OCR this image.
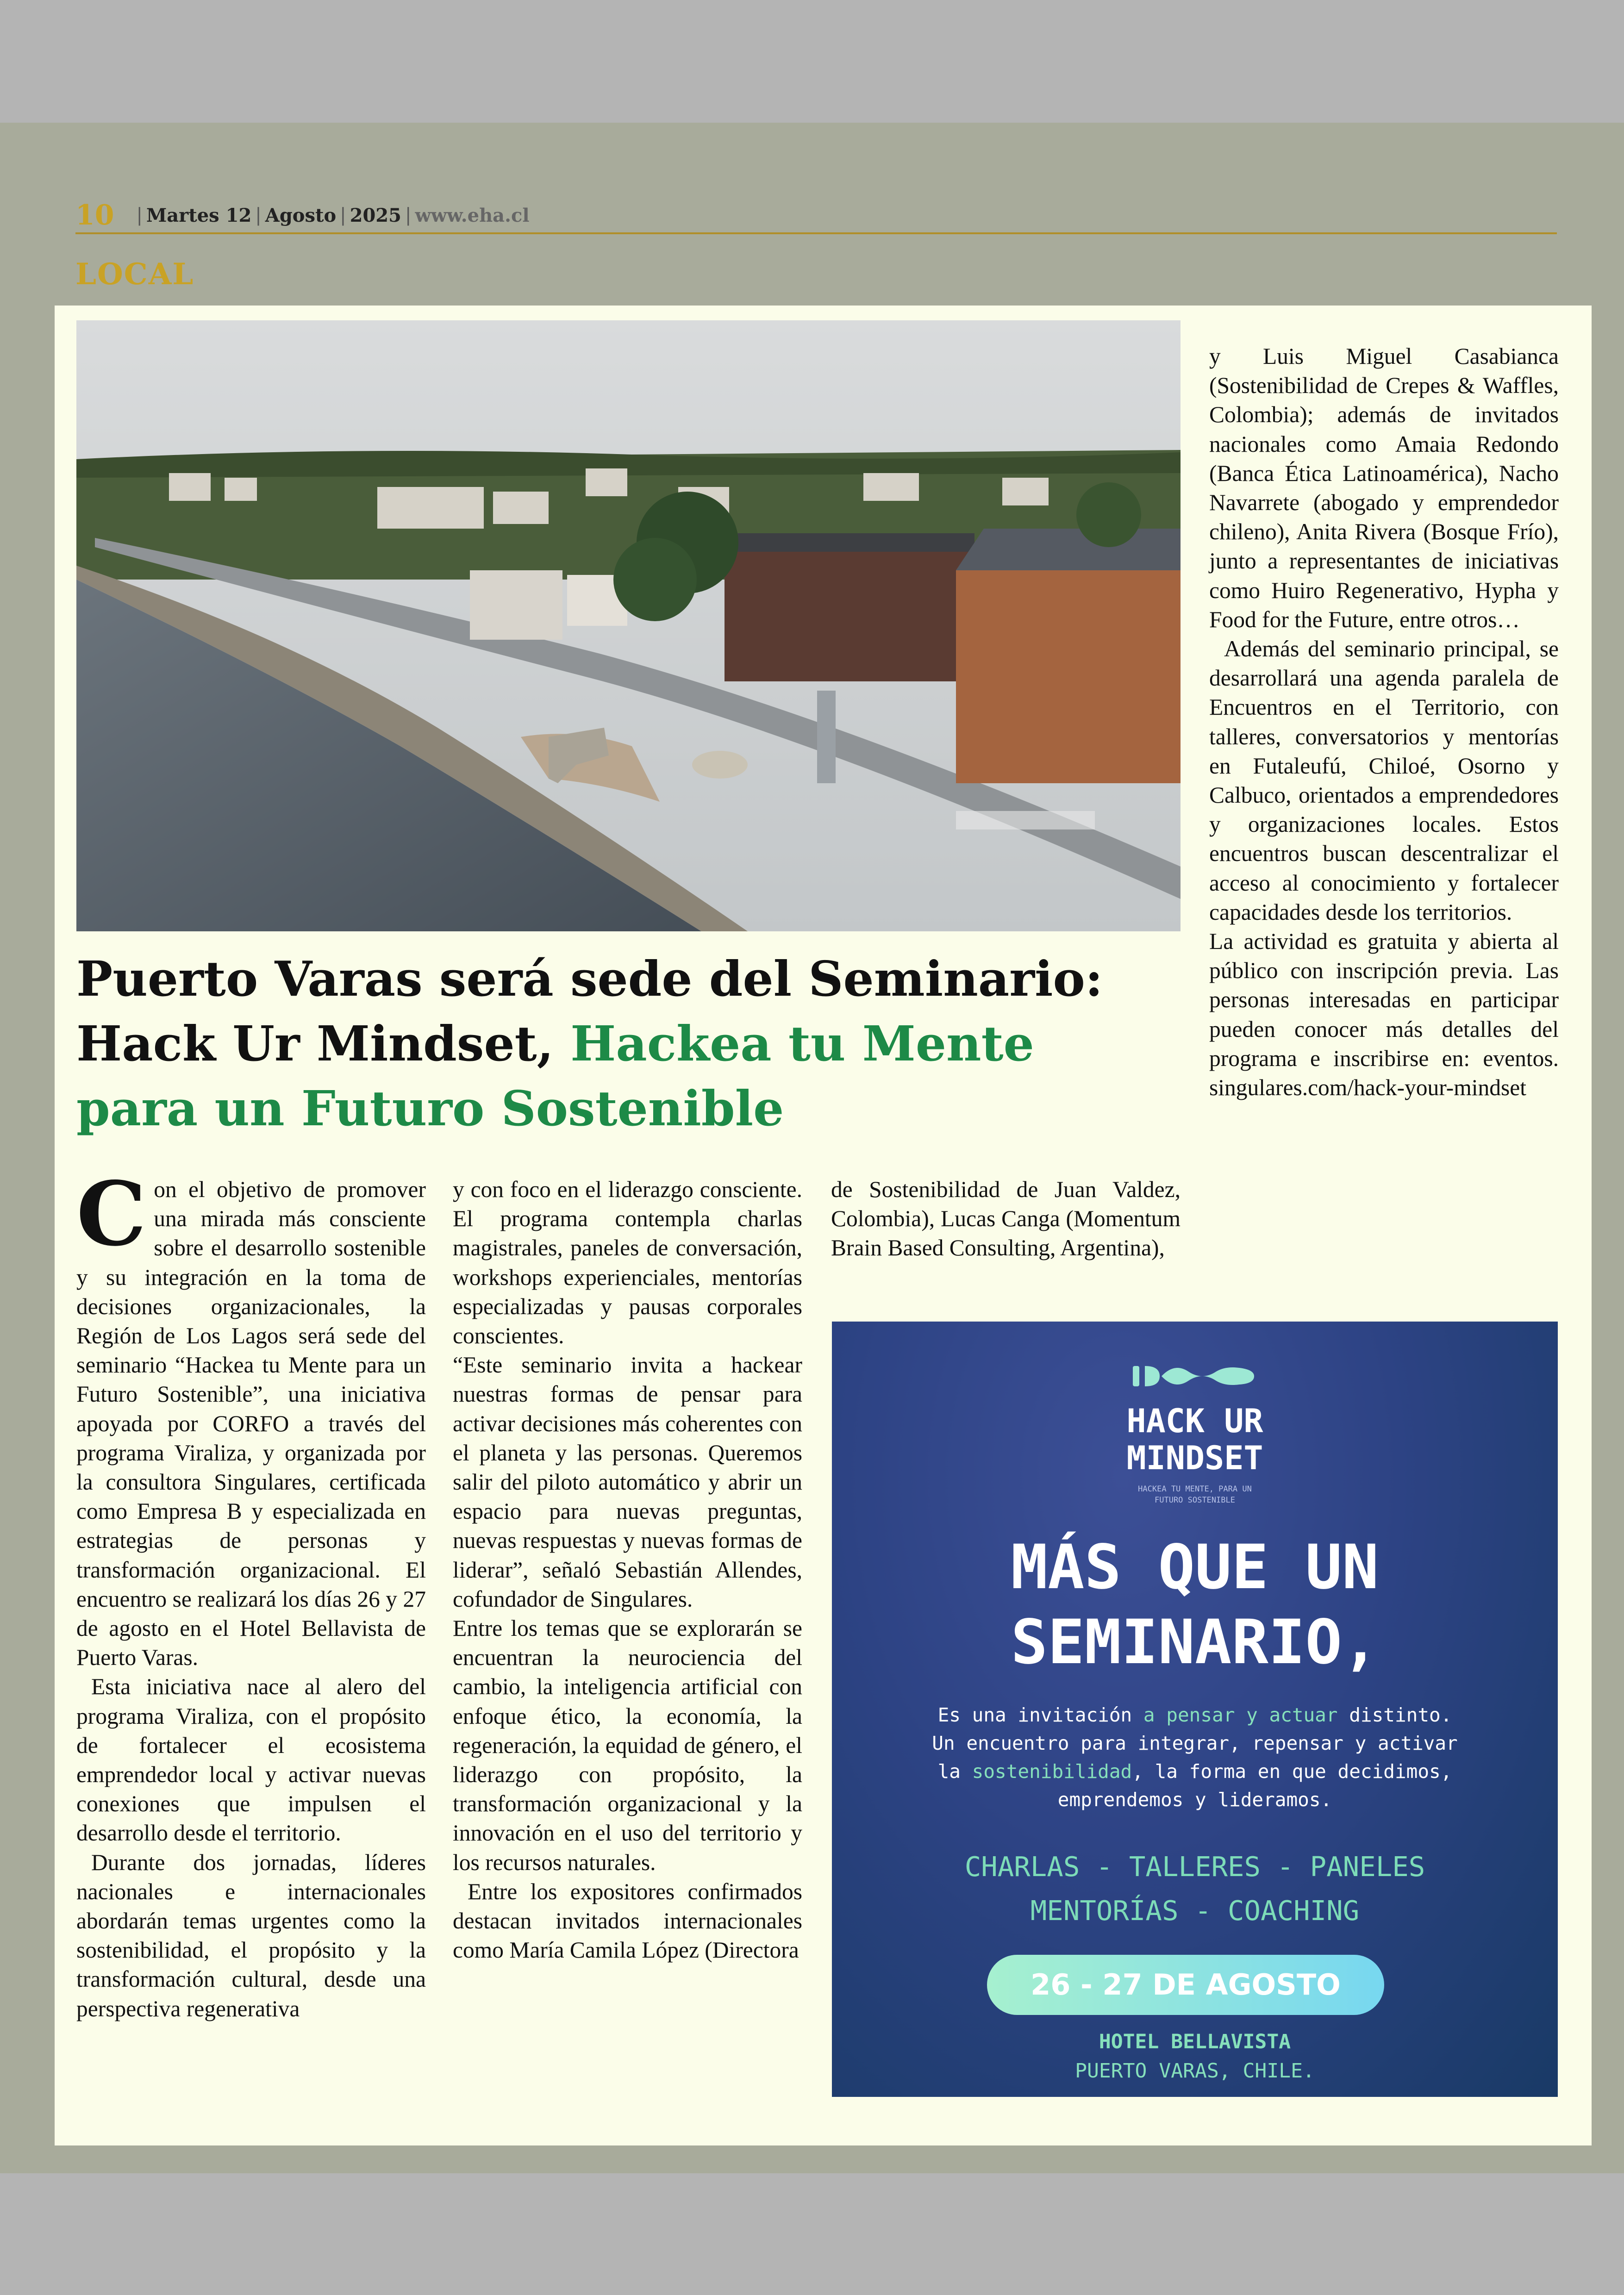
10 | Martes 12 | Agosto | 2025 | www.eha.cl
LOCAL
Puerto Varas será sede del Seminario:
Hack Ur Mindset, Hackea tu Mente
para un Futuro Sostenible

Con el objetivo de promover una mirada más consciente sobre el desarrollo sostenible y su integración en la toma de decisiones organizacionales, la Región de Los Lagos será sede del seminario “Hackea tu Mente para un Futuro Sostenible”, una iniciativa apoyada por CORFO a través del programa Viraliza, y organizada por la consultora Singulares, certificada como Empresa B y especializada en estrategias de personas y transformación organizacional. El encuentro se realizará los días 26 y 27 de agosto en el Hotel Bellavista de Puerto Varas.

Esta iniciativa nace al alero del programa Viraliza, con el propósito de fortalecer el ecosistema emprendedor local y activar nuevas conexiones que impulsen el desarrollo desde el territorio.

Durante dos jornadas, líderes nacionales e internacionales abordarán temas urgentes como la sostenibilidad, el propósito y la transformación cultural, desde una perspectiva regenerativa

y con foco en el liderazgo consciente. El programa contempla charlas magistrales, paneles de conversación, workshops experienciales, mentorías especializadas y pausas corporales conscientes.

“Este seminario invita a hackear nuestras formas de pensar para activar decisiones más coherentes con el planeta y las personas. Queremos salir del piloto automático y abrir un espacio para nuevas preguntas, nuevas respuestas y nuevas formas de liderar”, señaló Sebastián Allendes, cofundador de Singulares.

Entre los temas que se explorarán se encuentran la neurociencia del cambio, la inteligencia artificial con enfoque ético, la economía, la regeneración, la equidad de género, el liderazgo con propósito, la transformación organizacional y la innovación en el uso del territorio y los recursos naturales.

Entre los expositores confirmados destacan invitados internacionales como María Camila López (Directora

de Sostenibilidad de Juan Valdez, Colombia), Lucas Canga (Momentum Brain Based Consulting, Argentina),

y Luis Miguel Casabianca (Sostenibilidad de Crepes & Waffles, Colombia); además de invitados nacionales como Amaia Redondo (Banca Ética Latinoamérica), Nacho Navarrete (abogado y emprendedor chileno), Anita Rivera (Bosque Frío), junto a representantes de iniciativas como Huiro Regenerativo, Hypha y Food for the Future, entre otros…

Además del seminario principal, se desarrollará una agenda paralela de Encuentros en el Territorio, con talleres, conversatorios y mentorías en Futaleufú, Chiloé, Osorno y Calbuco, orientados a emprendedores y organizaciones locales. Estos encuentros buscan descentralizar el acceso al conocimiento y fortalecer capacidades desde los territorios.

La actividad es gratuita y abierta al público con inscripción previa. Las personas interesadas en participar pueden conocer más detalles del programa e inscribirse en: eventos. singulares.com/hack-your-mindset

HACK UR
MINDSET
HACKEA TU MENTE, PARA UN
FUTURO SOSTENIBLE
MÁS QUE UN
SEMINARIO,
Es una invitación a pensar y actuar distinto.
Un encuentro para integrar, repensar y activar
la sostenibilidad, la forma en que decidimos,
emprendemos y lideramos.
CHARLAS - TALLERES - PANELES
MENTORÍAS - COACHING
26 - 27 DE AGOSTO
HOTEL BELLAVISTA
PUERTO VARAS, CHILE.
